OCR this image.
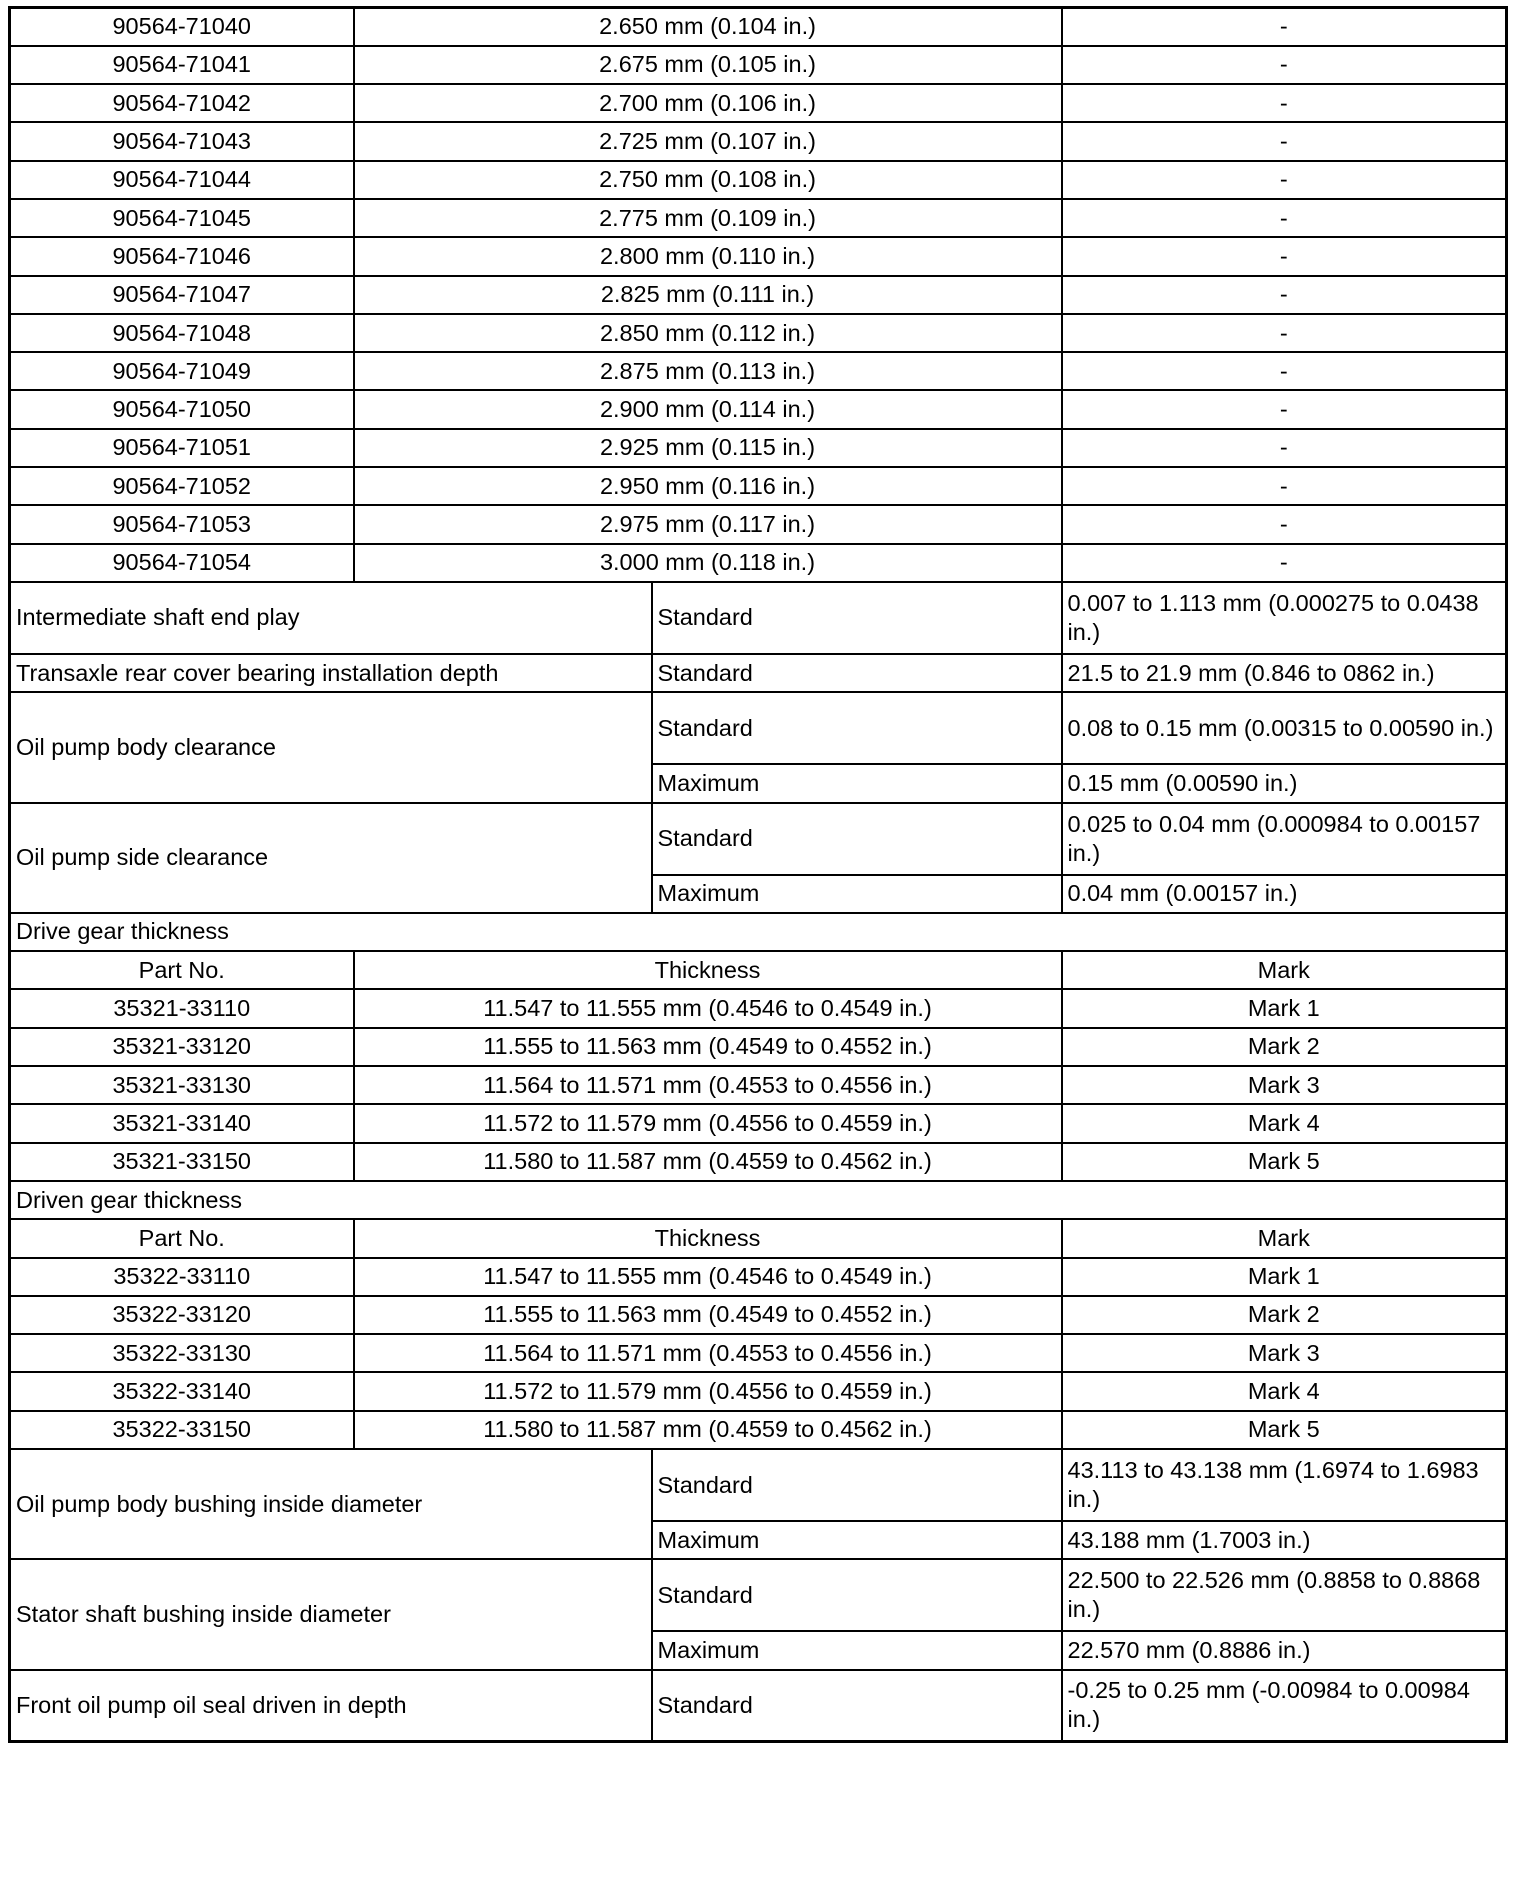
90564-71040	2.650 mm (0.104 in.)		-
90564-71041	2.675 mm (0.105 in.)		-
90564-71042	2.700 mm (0.106 in.)		-
90564-71043	2.725 mm (0.107 in.)		-
90564-71044	2.750 mm (0.108 in.)		-
90564-71045	2.775 mm (0.109 in.)		-
90564-71046	2.800 mm (0.110 in.)		-
90564-71047	2.825 mm (0.111 in.)		-
90564-71048	2.850 mm (0.112 in.)		-
90564-71049	2.875 mm (0.113 in.)		-
90564-71050	2.900 mm (0.114 in.)		-
90564-71051	2.925 mm (0.115 in.)		-
90564-71052	2.950 mm (0.116 in.)		-
90564-71053	2.975 mm (0.117 in.)		-
90564-71054	3.000 mm (0.118 in.)		-
Intermediate shaft end play		Standard	0.007 to 1.113 mm (0.000275 to 0.0438 in.)
Transaxle rear cover bearing installation depth		Standard	21.5 to 21.9 mm (0.846 to 0862 in.)
Oil pump body clearance		Standard	0.08 to 0.15 mm (0.00315 to 0.00590 in.)
		Maximum	0.15 mm (0.00590 in.)
Oil pump side clearance		Standard	0.025 to 0.04 mm (0.000984 to 0.00157 in.)
		Maximum	0.04 mm (0.00157 in.)
Drive gear thickness			
Part No.	Thickness		Mark
35321-33110	11.547 to 11.555 mm (0.4546 to 0.4549 in.)		Mark 1
35321-33120	11.555 to 11.563 mm (0.4549 to 0.4552 in.)		Mark 2
35321-33130	11.564 to 11.571 mm (0.4553 to 0.4556 in.)		Mark 3
35321-33140	11.572 to 11.579 mm (0.4556 to 0.4559 in.)		Mark 4
35321-33150	11.580 to 11.587 mm (0.4559 to 0.4562 in.)		Mark 5
Driven gear thickness			
Part No.	Thickness		Mark
35322-33110	11.547 to 11.555 mm (0.4546 to 0.4549 in.)		Mark 1
35322-33120	11.555 to 11.563 mm (0.4549 to 0.4552 in.)		Mark 2
35322-33130	11.564 to 11.571 mm (0.4553 to 0.4556 in.)		Mark 3
35322-33140	11.572 to 11.579 mm (0.4556 to 0.4559 in.)		Mark 4
35322-33150	11.580 to 11.587 mm (0.4559 to 0.4562 in.)		Mark 5
Oil pump body bushing inside diameter		Standard	43.113 to 43.138 mm (1.6974 to 1.6983 in.)
		Maximum	43.188 mm (1.7003 in.)
Stator shaft bushing inside diameter		Standard	22.500 to 22.526 mm (0.8858 to 0.8868 in.)
		Maximum	22.570 mm (0.8886 in.)
Front oil pump oil seal driven in depth		Standard	-0.25 to 0.25 mm (-0.00984 to 0.00984 in.)
